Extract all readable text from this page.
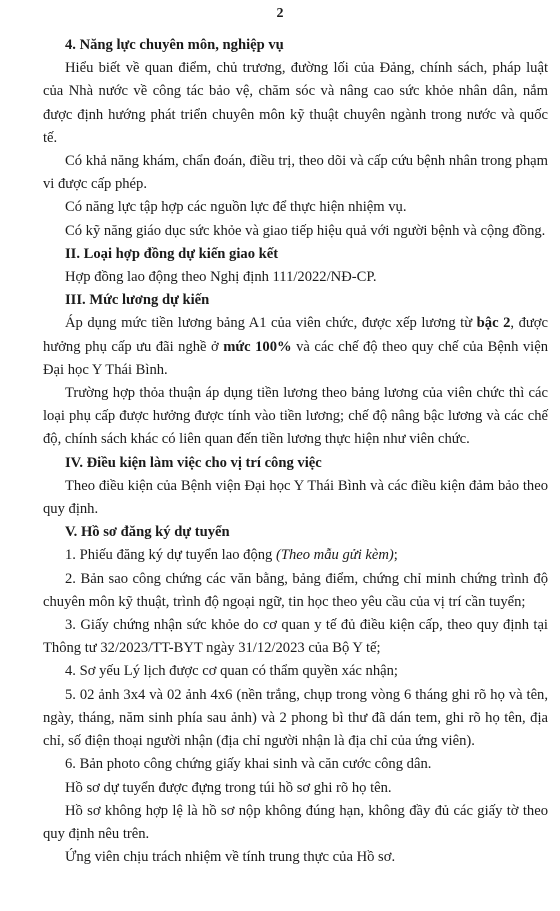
2
4. Năng lực chuyên môn, nghiệp vụ

Hiểu biết về quan điểm, chủ trương, đường lối của Đảng, chính sách, pháp luật của Nhà nước về công tác bảo vệ, chăm sóc và nâng cao sức khỏe nhân dân, nắm được định hướng phát triển chuyên môn kỹ thuật chuyên ngành trong nước và quốc tế.

Có khả năng khám, chẩn đoán, điều trị, theo dõi và cấp cứu bệnh nhân trong phạm vi được cấp phép.

Có năng lực tập hợp các nguồn lực để thực hiện nhiệm vụ.

Có kỹ năng giáo dục sức khỏe và giao tiếp hiệu quả với người bệnh và cộng đồng.

II. Loại hợp đồng dự kiến giao kết

Hợp đồng lao động theo Nghị định 111/2022/NĐ-CP.

III. Mức lương dự kiến

Áp dụng mức tiền lương bảng A1 của viên chức, được xếp lương từ bậc 2, được hưởng phụ cấp ưu đãi nghề ở mức 100% và các chế độ theo quy chế của Bệnh viện Đại học Y Thái Bình.

Trường hợp thỏa thuận áp dụng tiền lương theo bảng lương của viên chức thì các loại phụ cấp được hưởng được tính vào tiền lương; chế độ nâng bậc lương và các chế độ, chính sách khác có liên quan đến tiền lương thực hiện như viên chức.

IV. Điều kiện làm việc cho vị trí công việc

Theo điều kiện của Bệnh viện Đại học Y Thái Bình và các điều kiện đảm bảo theo quy định.

V. Hồ sơ đăng ký dự tuyển

1. Phiếu đăng ký dự tuyển lao động (Theo mẫu gửi kèm);

2. Bản sao công chứng các văn bằng, bảng điểm, chứng chỉ minh chứng trình độ chuyên môn kỹ thuật, trình độ ngoại ngữ, tin học theo yêu cầu của vị trí cần tuyển;

3. Giấy chứng nhận sức khỏe do cơ quan y tế đủ điều kiện cấp, theo quy định tại Thông tư 32/2023/TT-BYT ngày 31/12/2023 của Bộ Y tế;

4. Sơ yếu Lý lịch được cơ quan có thẩm quyền xác nhận;

5. 02 ảnh 3x4 và 02 ảnh 4x6 (nền trắng, chụp trong vòng 6 tháng ghi rõ họ và tên, ngày, tháng, năm sinh phía sau ảnh) và 2 phong bì thư đã dán tem, ghi rõ họ tên, địa chỉ, số điện thoại người nhận (địa chỉ người nhận là địa chỉ của ứng viên).

6. Bản photo công chứng giấy khai sinh và căn cước công dân.

Hồ sơ dự tuyển được đựng trong túi hồ sơ ghi rõ họ tên.

Hồ sơ không hợp lệ là hồ sơ nộp không đúng hạn, không đầy đủ các giấy tờ theo quy định nêu trên.

Ứng viên chịu trách nhiệm về tính trung thực của Hồ sơ.
